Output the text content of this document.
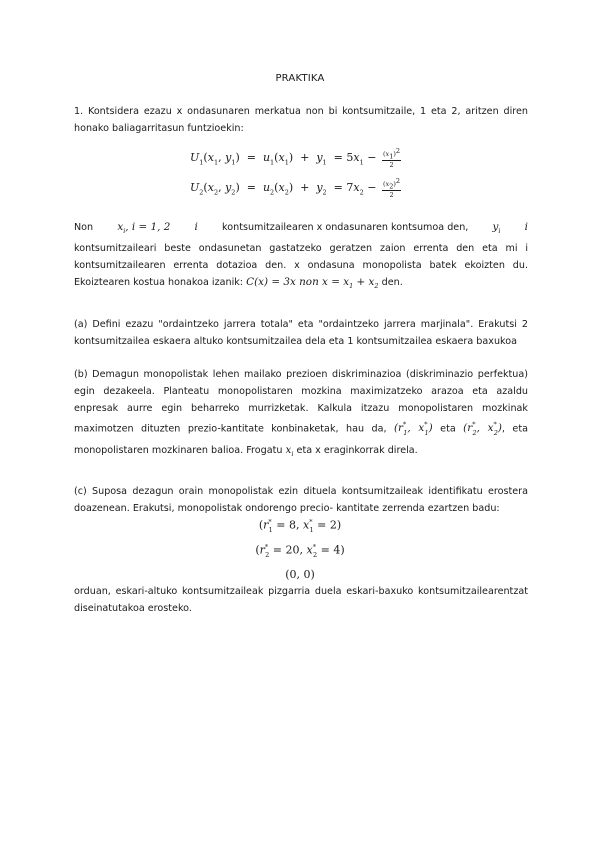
PRAKTIKA
1. Kontsidera ezazu x ondasunaren merkatua non bi kontsumitzaile, 1 eta 2, aritzen diren honako baliagarritasun funtzioekin:
$U_1(x_1$, $y_1) = u_1(x_1) + y_1 = 5x_1 - \frac{(x_1)^2}{2}$
$U_2(x_2$, $y_2) = u_2(x_2) + y_2 = 7x_2 - \frac{(x_2)^2}{2}$
Non $x_i$, i = 1, 2 i	kontsumitzailearen x ondasunaren kontsumoa den, $y_i$ i
kontsumitzaileari beste ondasunetan gastatzeko geratzen zaion errenta den eta mi i kontsumitzailearen errenta dotazioa den. x ondasuna monopolista batek ekoizten du. Ekoiztearen kostua honakoa izanik: C(x) = 3x non $x = x_1 + x_2$ den.
(a) Defini ezazu "ordaintzeko jarrera totala" eta "ordaintzeko jarrera marjinala". Erakutsi 2 kontsumitzailea eskaera altuko kontsumitzailea dela eta 1 kontsumitzailea eskaera baxukoa
(b) Demagun monopolistak lehen mailako prezioen diskriminazioa (diskriminazio perfektua) egin dezakeela. Planteatu monopolistaren mozkina maximizatzeko arazoa eta azaldu enpresak aurre egin beharreko murrizketak. Kalkula itzazu monopolistaren mozkinak maximotzen dituzten prezio-kantitate konbinaketak, hau da, ($r^*_1$, $x^*_1$) eta ($r^*_2$, $x^*_2$), eta monopolistaren mozkinaren balioa. Frogatu $x_i$ eta x eraginkorrak direla.
(c) Suposa dezagun orain monopolistak ezin dituela kontsumitzaileak identifikatu erostera doazenean. Erakutsi, monopolistak ondorengo precio- kantitate zerrenda ezartzen badu:
($r^*_1 = 8$, $x^*_1 = 2$)
($r^*_2 = 20$, $x^*_2 = 4$)
(0, 0)
orduan, eskari-altuko kontsumitzaileak pizgarria duela eskari-baxuko kontsumitzailearentzat diseinatutakoa erosteko.
